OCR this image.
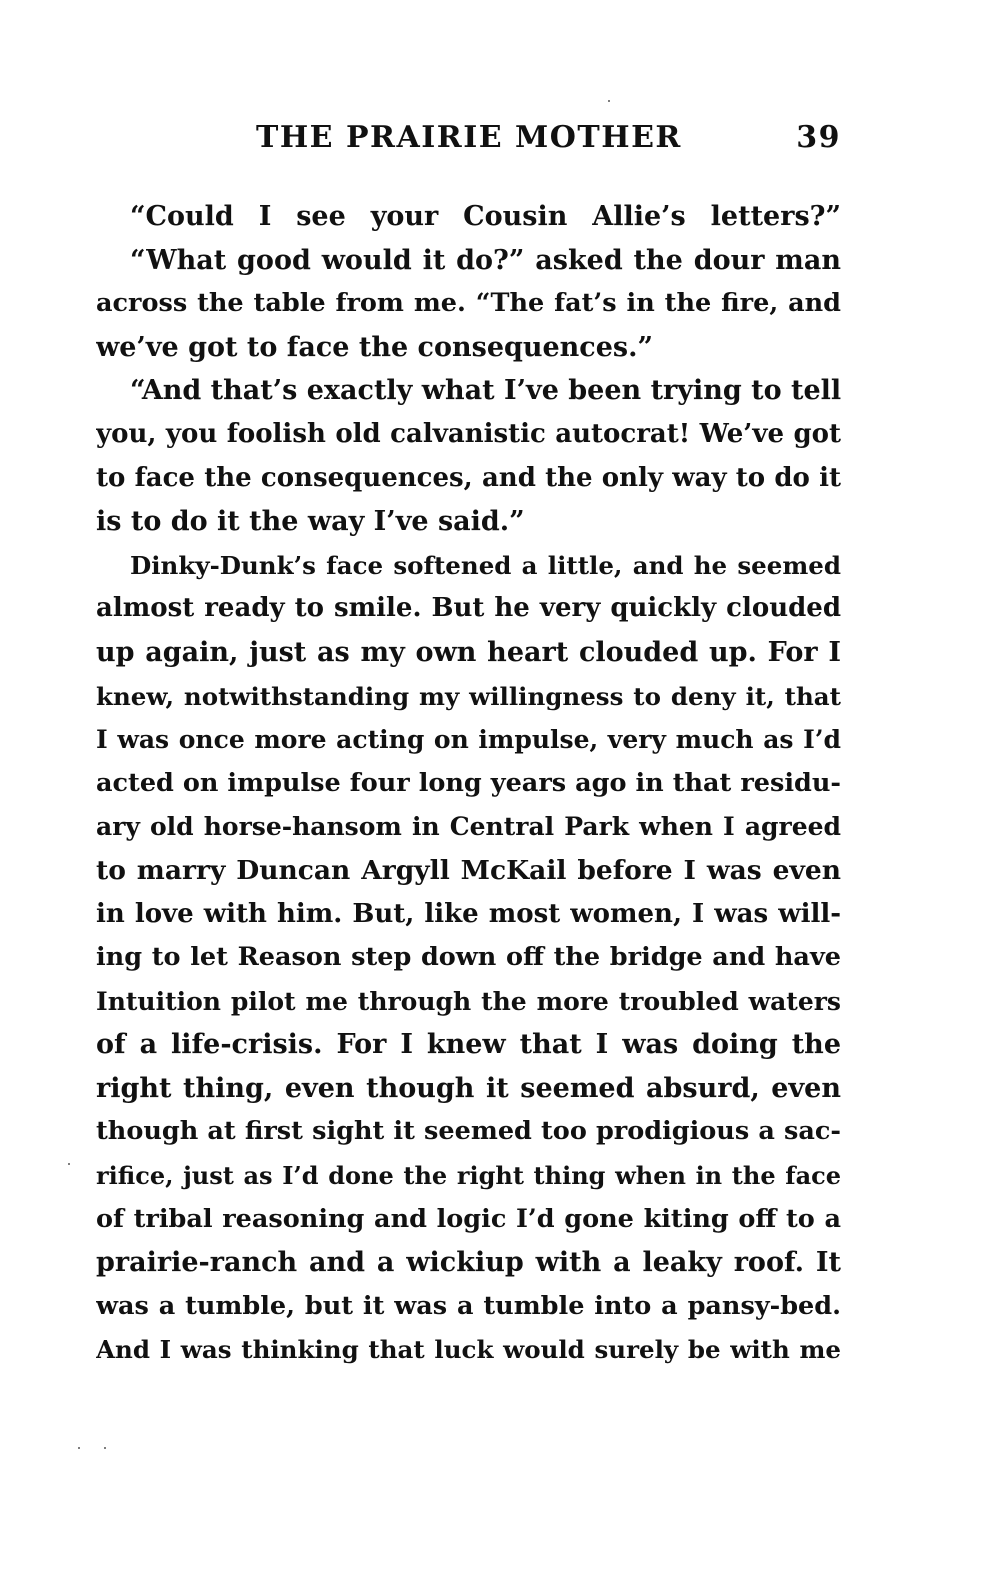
THE PRAIRIE MOTHER	39
“Could I see your Cousin Allie’s letters?”
“What good would it do?” asked the dour man
across the table from me. “The fat’s in the fire, and
we’ve got to face the consequences.”
“And that’s exactly what I’ve been trying to tell
you, you foolish old calvanistic autocrat! We’ve got
to face the consequences, and the only way to do it
is to do it the way I’ve said.”
Dinky-Dunk’s face softened a little, and he seemed
almost ready to smile. But he very quickly clouded
up again, just as my own heart clouded up. For I
knew, notwithstanding my willingness to deny it, that
I was once more acting on impulse, very much as I’d
acted on impulse four long years ago in that residu-
ary old horse-hansom in Central Park when I agreed
to marry Duncan Argyll McKail before I was even
in love with him. But, like most women, I was will-
ing to let Reason step down off the bridge and have
Intuition pilot me through the more troubled waters
of a life-crisis. For I knew that I was doing the
right thing, even though it seemed absurd, even
though at first sight it seemed too prodigious a sac-
rifice, just as I’d done the right thing when in the face
of tribal reasoning and logic I’d gone kiting off to a
prairie-ranch and a wickiup with a leaky roof. It
was a tumble, but it was a tumble into a pansy-bed.
And I was thinking that luck would surely be with me
